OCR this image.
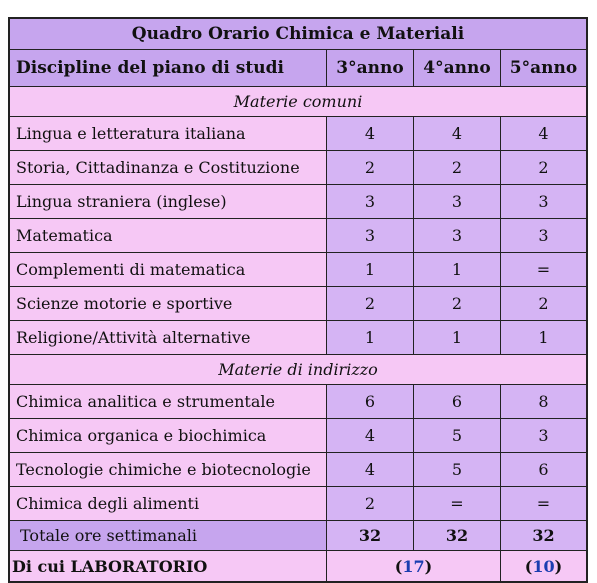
Quadro Orario Chimica e Materiali
Discipline del piano di studi	3°anno	4°anno	5°anno
Materie comuni
Lingua e letteratura italiana	4	4	4
Storia, Cittadinanza e Costituzione	2	2	2
Lingua straniera (inglese)	3	3	3
Matematica	3	3	3
Complementi di matematica	1	1	=
Scienze motorie e sportive	2	2	2
Religione/Attività alternative	1	1	1
Materie di indirizzo
Chimica analitica e strumentale	6	6	8
Chimica organica e biochimica	4	5	3
Tecnologie chimiche e biotecnologie	4	5	6
Chimica degli alimenti	2	=	=
Totale ore settimanali	32	32	32
Di cui LABORATORIO	( 17 )	( 10 )
